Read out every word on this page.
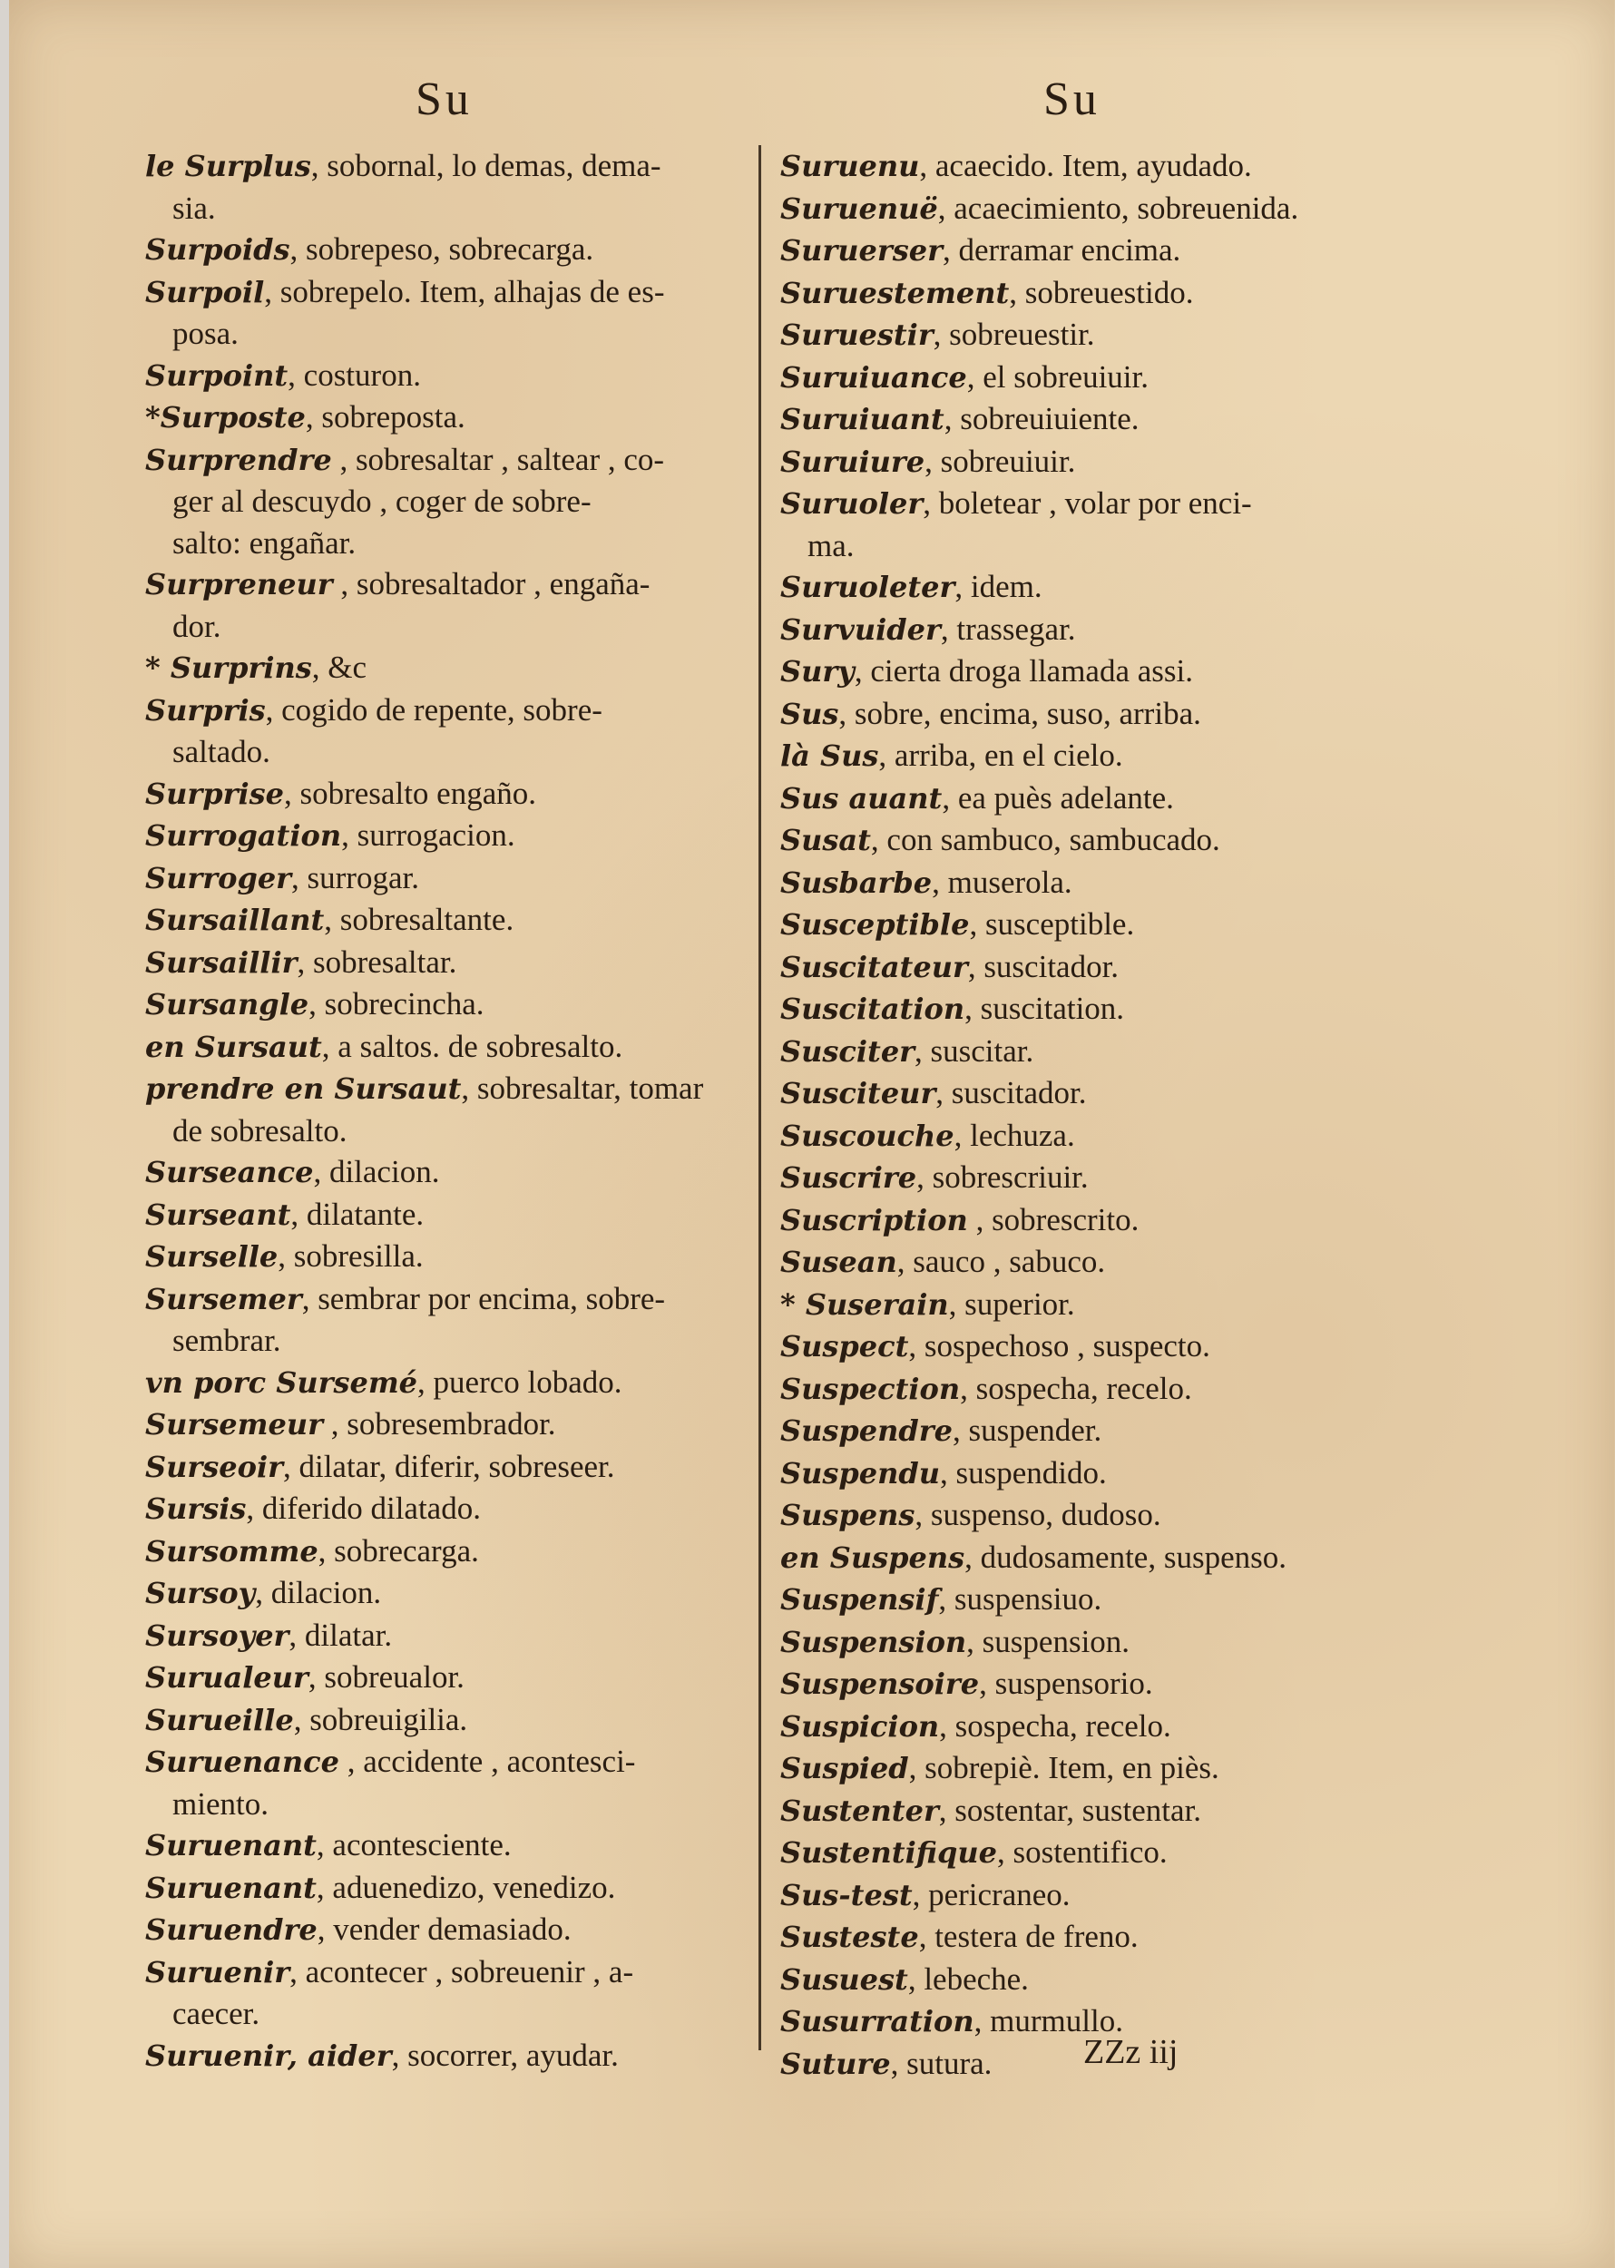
Su	Su
le Surplus, sobornal, lo demas, dema-
sia.
Surpoids, sobrepeso, sobrecarga.
Surpoil, sobrepelo. Item, alhajas de es-
posa.
Surpoint, costuron.
*Surposte, sobreposta.
Surprendre , sobresaltar , saltear , co-
ger al descuydo , coger de sobre-
salto: engañar.
Surpreneur , sobresaltador , engaña-
dor.
* Surprins, &c
Surpris, cogido de repente, sobre-
saltado.
Surprise, sobresalto engaño.
Surrogation, surrogacion.
Surroger, surrogar.
Sursaillant, sobresaltante.
Sursaillir, sobresaltar.
Sursangle, sobrecincha.
en Sursaut, a saltos. de sobresalto.
prendre en Sursaut, sobresaltar, tomar
de sobresalto.
Surseance, dilacion.
Surseant, dilatante.
Surselle, sobresilla.
Sursemer, sembrar por encima, sobre-
sembrar.
vn porc Sursemé, puerco lobado.
Sursemeur , sobresembrador.
Surseoir, dilatar, diferir, sobreseer.
Sursis, diferido dilatado.
Sursomme, sobrecarga.
Sursoy, dilacion.
Sursoyer, dilatar.
Surualeur, sobreualor.
Surueille, sobreuigilia.
Suruenance , accidente , acontesci-
miento.
Suruenant, acontesciente.
Suruenant, aduenedizo, venedizo.
Suruendre, vender demasiado.
Suruenir, acontecer , sobreuenir , a-
caecer.
Suruenir, aider, socorrer, ayudar.
Suruenu, acaecido. Item, ayudado.
Suruenuë, acaecimiento, sobreuenida.
Suruerser, derramar encima.
Suruestement, sobreuestido.
Suruestir, sobreuestir.
Suruiuance, el sobreuiuir.
Suruiuant, sobreuiuiente.
Suruiure, sobreuiuir.
Suruoler, boletear , volar por enci-
ma.
Suruoleter, idem.
Survuider, trassegar.
Sury, cierta droga llamada assi.
Sus, sobre, encima, suso, arriba.
là Sus, arriba, en el cielo.
Sus auant, ea puès adelante.
Susat, con sambuco, sambucado.
Susbarbe, muserola.
Susceptible, susceptible.
Suscitateur, suscitador.
Suscitation, suscitation.
Susciter, suscitar.
Susciteur, suscitador.
Suscouche, lechuza.
Suscrire, sobrescriuir.
Suscription , sobrescrito.
Susean, sauco , sabuco.
* Suserain, superior.
Suspect, sospechoso , suspecto.
Suspection, sospecha, recelo.
Suspendre, suspender.
Suspendu, suspendido.
Suspens, suspenso, dudoso.
en Suspens, dudosamente, suspenso.
Suspensif, suspensiuo.
Suspension, suspension.
Suspensoire, suspensorio.
Suspicion, sospecha, recelo.
Suspied, sobrepiè. Item, en piès.
Sustenter, sostentar, sustentar.
Sustentifique, sostentifico.
Sus-test, pericraneo.
Susteste, testera de freno.
Susuest, lebeche.
Susurration, murmullo.
Suture, sutura.	ZZz iij
